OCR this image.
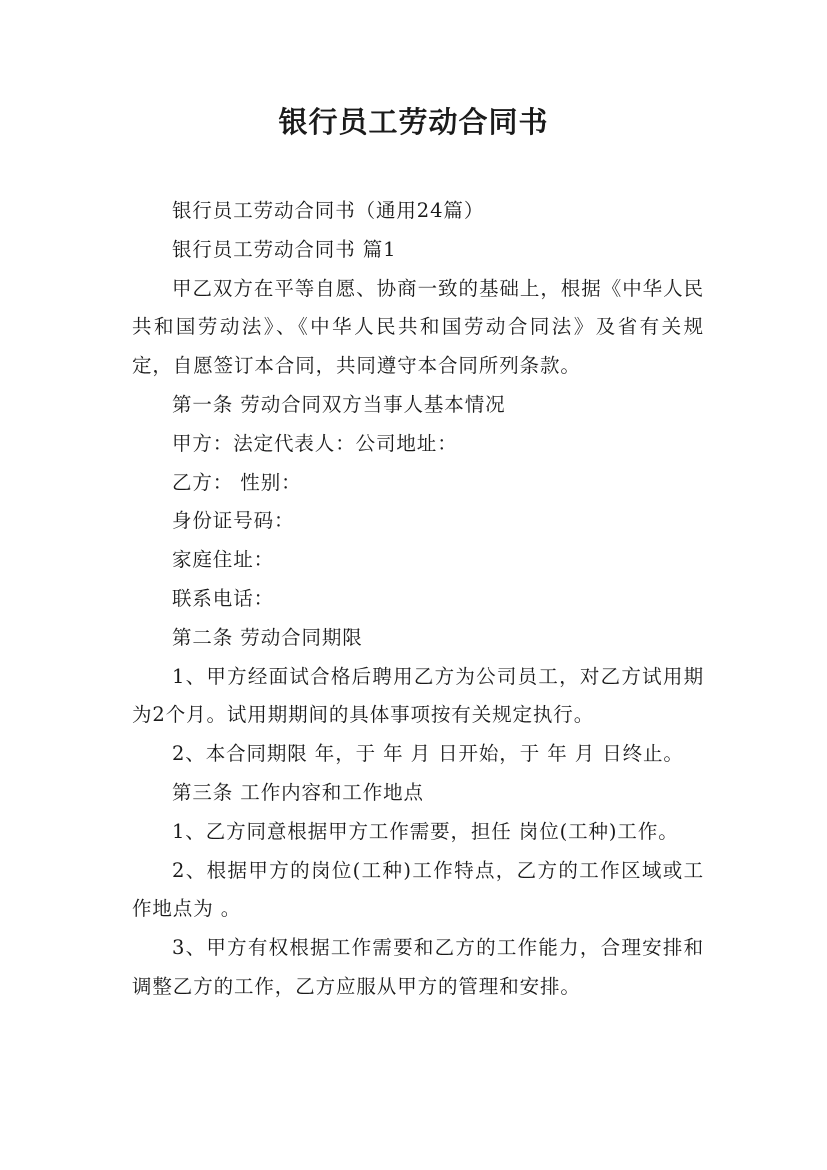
银行员工劳动合同书

银行员工劳动合同书（通用24篇）

银行员工劳动合同书 篇1

甲乙双方在平等自愿、协商一致的基础上，根据《中华人民共和国劳动法》、《中华人民共和国劳动合同法》及省有关规定，自愿签订本合同，共同遵守本合同所列条款。

第一条 劳动合同双方当事人基本情况

甲方：法定代表人：公司地址：

乙方： 性别：

身份证号码：

家庭住址：

联系电话：

第二条 劳动合同期限

1、甲方经面试合格后聘用乙方为公司员工，对乙方试用期为2个月。试用期期间的具体事项按有关规定执行。

2、本合同期限 年，于 年 月 日开始，于 年 月 日终止。

第三条 工作内容和工作地点

1、乙方同意根据甲方工作需要，担任 岗位(工种)工作。

2、根据甲方的岗位(工种)工作特点，乙方的工作区域或工作地点为 。

3、甲方有权根据工作需要和乙方的工作能力，合理安排和调整乙方的工作，乙方应服从甲方的管理和安排。
